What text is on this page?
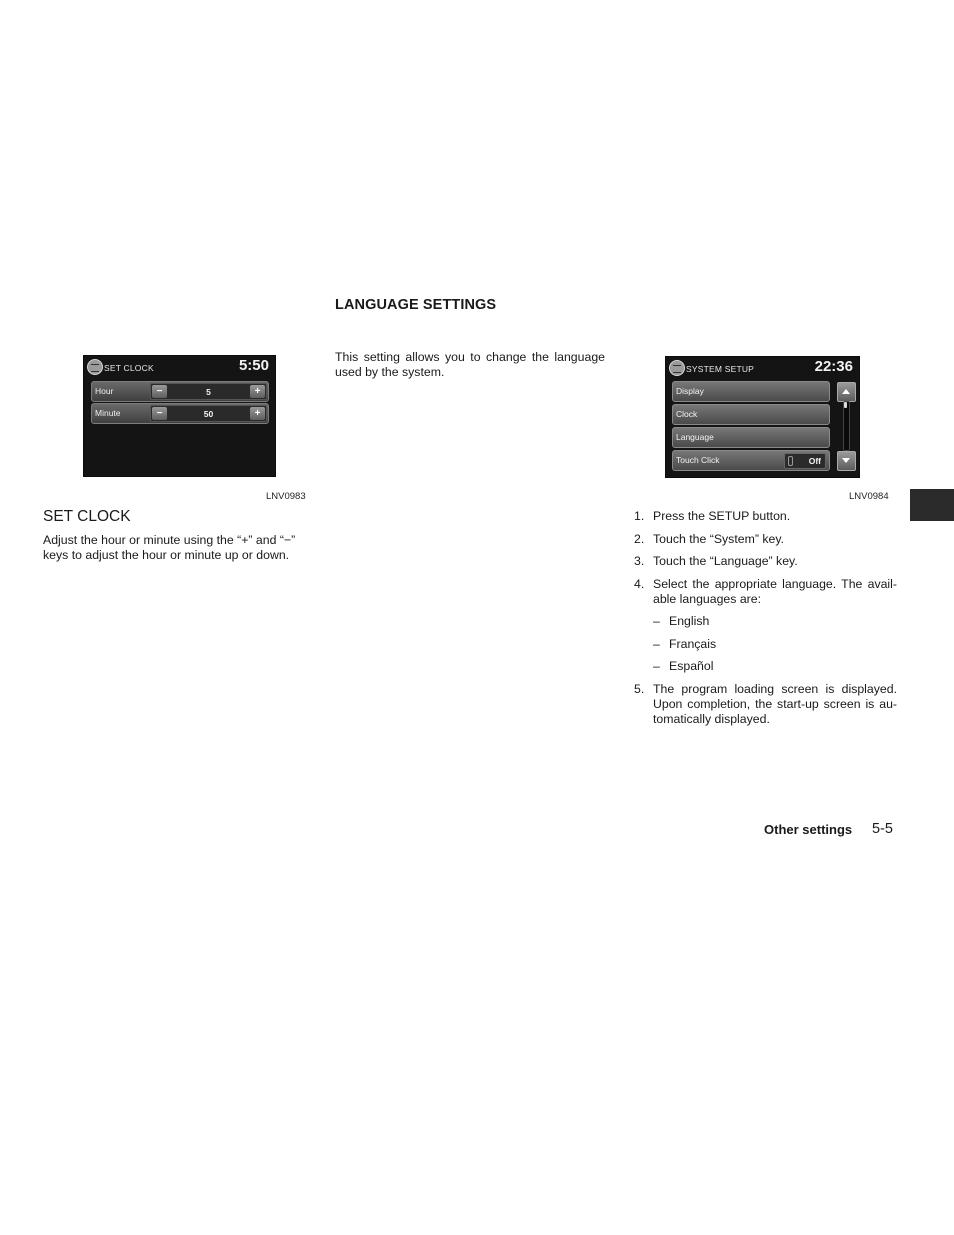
LANGUAGE SETTINGS
This setting allows you to change the language used by the system.
SET CLOCK	5:50
Hour	−	5	+
Minute	−	50	+
LNV0983
SYSTEM SETUP	22:36
Display
Clock
Language
Touch Click	Off
LNV0984
SET CLOCK
Adjust the hour or minute using the “+” and “−” keys to adjust the hour or minute up or down.
1. Press the SETUP button.
2. Touch the “System” key.
3. Touch the “Language” key.
4. Select the appropriate language. The avail-able languages are:
– English
– Français
– Español
5. The program loading screen is displayed. Upon completion, the start-up screen is au-tomatically displayed.
Other settings 5-5
